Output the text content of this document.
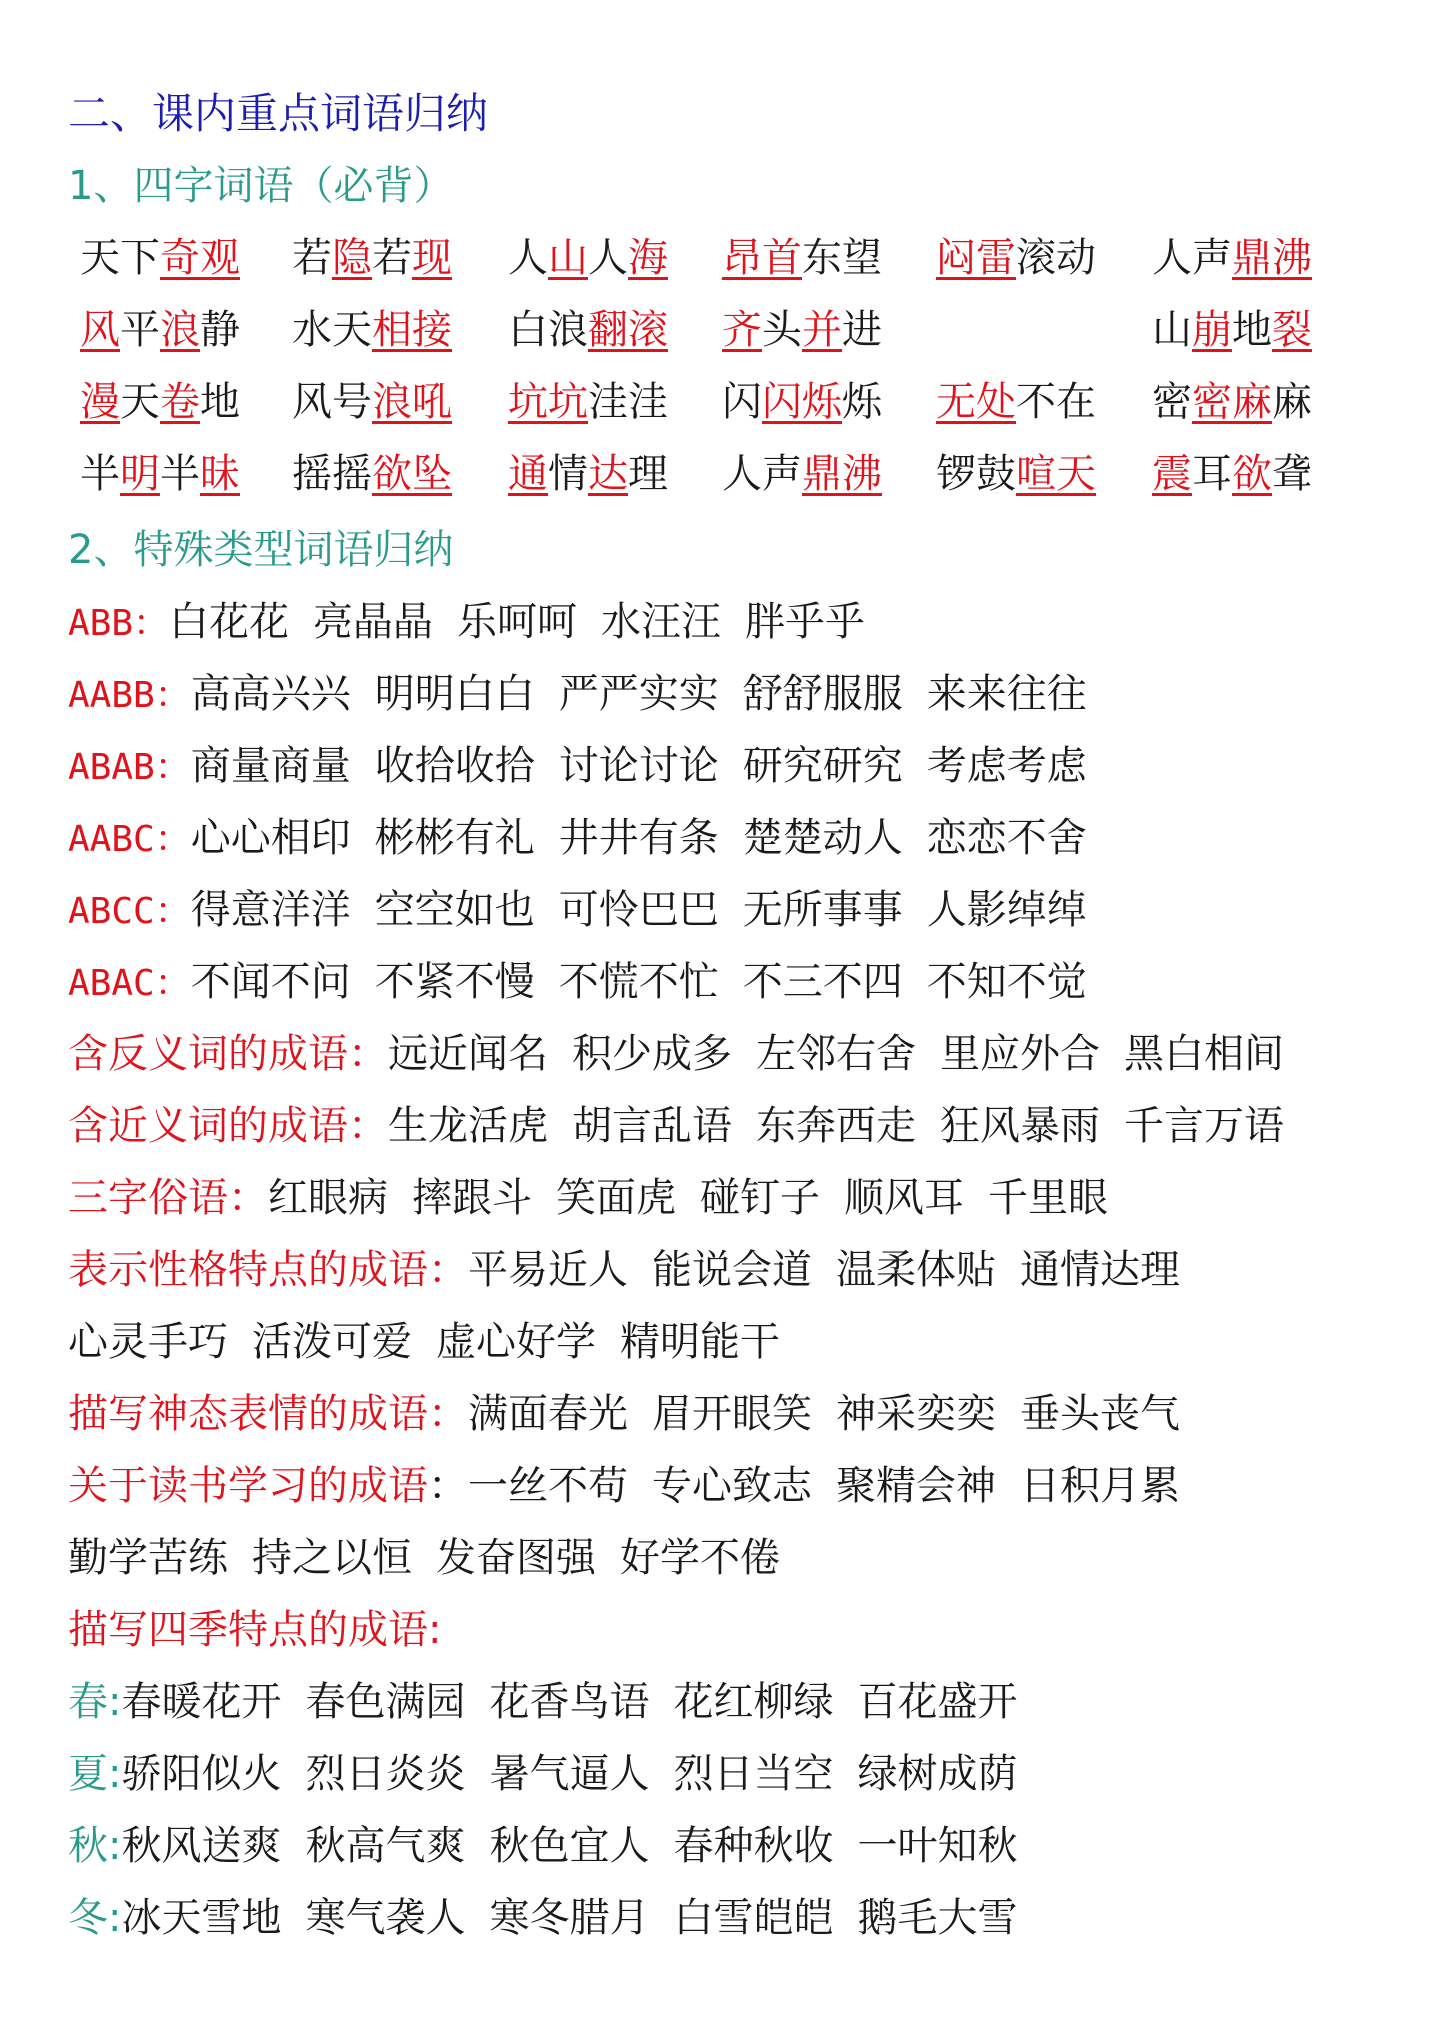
二、课内重点词语归纳
1、四字词语（必背）
天下奇观 若隐若现 人山人海 昂首东望 闷雷滚动 人声鼎沸
风平浪静 水天相接 白浪翻滚 齐头并进	山崩地裂
漫天卷地 风号浪吼 坑坑洼洼 闪闪烁烁 无处不在 密密麻麻
半明半昧 摇摇欲坠 通情达理 人声鼎沸 锣鼓喧天 震耳欲聋
2、特殊类型词语归纳
ABB：白花花 亮晶晶 乐呵呵 水汪汪 胖乎乎
AABB：高高兴兴 明明白白 严严实实 舒舒服服 来来往往
ABAB：商量商量 收拾收拾 讨论讨论 研究研究 考虑考虑
AABC：心心相印 彬彬有礼 井井有条 楚楚动人 恋恋不舍
ABCC：得意洋洋 空空如也 可怜巴巴 无所事事 人影绰绰
ABAC：不闻不问 不紧不慢 不慌不忙 不三不四 不知不觉
含反义词的成语：远近闻名 积少成多 左邻右舍 里应外合 黑白相间
含近义词的成语：生龙活虎 胡言乱语 东奔西走 狂风暴雨 千言万语
三字俗语：红眼病 摔跟斗 笑面虎 碰钉子 顺风耳 千里眼
表示性格特点的成语：平易近人 能说会道 温柔体贴 通情达理
心灵手巧 活泼可爱 虚心好学 精明能干
描写神态表情的成语：满面春光 眉开眼笑 神采奕奕 垂头丧气
关于读书学习的成语：一丝不苟 专心致志 聚精会神 日积月累
勤学苦练 持之以恒 发奋图强 好学不倦
描写四季特点的成语:
春:春暖花开 春色满园 花香鸟语 花红柳绿 百花盛开
夏:骄阳似火 烈日炎炎 暑气逼人 烈日当空 绿树成荫
秋:秋风送爽 秋高气爽 秋色宜人 春种秋收 一叶知秋
冬:冰天雪地 寒气袭人 寒冬腊月 白雪皑皑 鹅毛大雪
